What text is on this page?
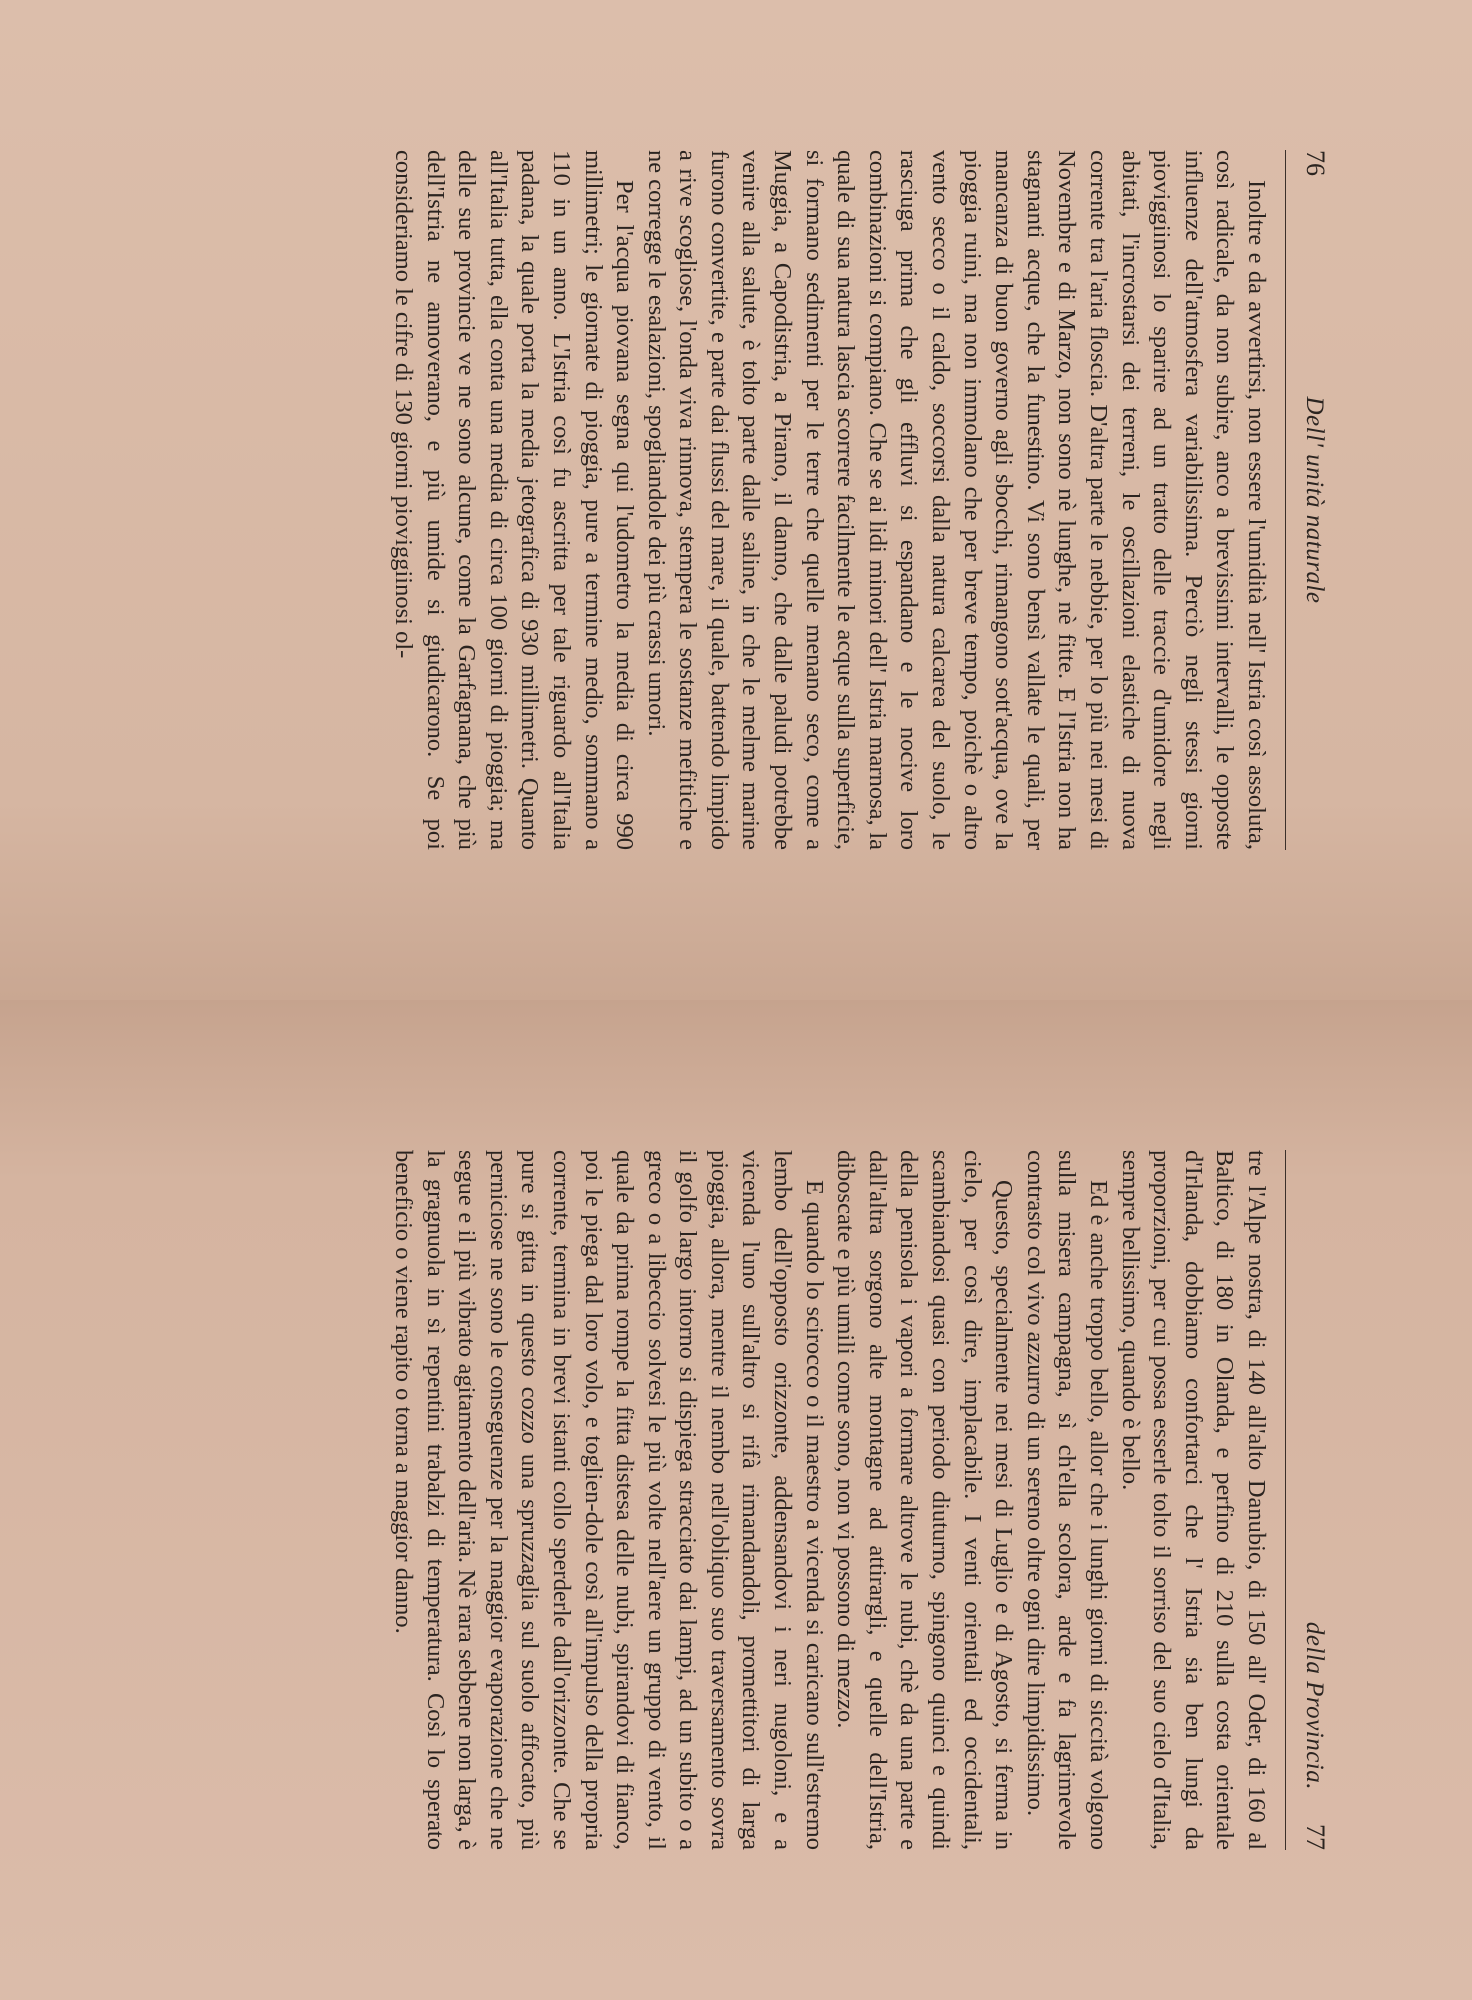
76
Dell' unità naturale

Inoltre e da avvertirsi, non essere l'umidità nell' Istria così assoluta, così radicale, da non subire, anco a brevissimi intervalli, le opposte influenze dell'atmosfera variabilissima. Perciò negli stessi giorni pioviggiinosi lo sparire ad un tratto delle traccie d'umidore negli abitati, l'incrostarsi dei terreni, le oscillazioni elastiche di nuova corrente tra l'aria floscia. D'altra parte le nebbie, per lo più nei mesi di Novembre e di Marzo, non sono nè lunghe, nè fitte. E l'Istria non ha stagnanti acque, che la funestino. Vi sono bensì vallate le quali, per mancanza di buon governo agli sbocchi, rimangono sott'acqua, ove la pioggia ruini, ma non immolano che per breve tempo, poichè o altro vento secco o il caldo, soccorsi dalla natura calcarea del suolo, le rasciuga prima che gli effluvi si espandano e le nocive loro combinazioni si compiano. Che se ai lidi minori dell' Istria marnosa, la quale di sua natura lascia scorrere facilmente le acque sulla superficie, si formano sedimenti per le terre che quelle menano seco, come a Muggia, a Capodistria, a Pirano, il danno, che dalle paludi potrebbe venire alla salute, è tolto parte dalle saline, in che le melme marine furono convertite, e parte dai flussi del mare, il quale, battendo limpido a rive scogliose, l'onda viva rinnova, stempera le sostanze mefitiche e ne corregge le esalazioni, spogliandole dei più crassi umori.

Per l'acqua piovana segna qui l'udometro la media di circa 990 millimetri; le giornate di pioggia, pure a termine medio, sommano a 110 in un anno. L'Istria così fu ascritta per tale riguardo all'Italia padana, la quale porta la media jetografica di 930 millimetri. Quanto all'Italia tutta, ella conta una media di circa 100 giorni di pioggia; ma delle sue provincie ve ne sono alcune, come la Garfagnana, che più dell'Istria ne annoverano, e più umide si giudicarono. Se poi consideriamo le cifre di 130 giorni pioviggiinosi ol-

della Provincia.
77

tre l'Alpe nostra, di 140 all'alto Danubio, di 150 all' Oder, di 160 al Baltico, di 180 in Olanda, e perfino di 210 sulla costa orientale d'Irlanda, dobbiamo confortarci che l' Istria sia ben lungi da proporzioni, per cui possa esserle tolto il sorriso del suo cielo d'Italia, sempre bellissimo, quando è bello.

Ed è anche troppo bello, allor che i lunghi giorni di siccità volgono sulla misera campagna, sì ch'ella scolora, arde e fa lagrimevole contrasto col vivo azzurro di un sereno oltre ogni dire limpidissimo.

Questo, specialmente nei mesi di Luglio e di Agosto, si ferma in cielo, per così dire, implacabile. I venti orientali ed occidentali, scambiandosi quasi con periodo diuturno, spingono quinci e quindi della penisola i vapori a formare altrove le nubi, chè da una parte e dall'altra sorgono alte montagne ad attirargli, e quelle dell'Istria, diboscate e più umili come sono, non vi possono di mezzo.

E quando lo scirocco o il maestro a vicenda si caricano sull'estremo lembo dell'opposto orizzonte, addensandovi i neri nugoloni, e a vicenda l'uno sull'altro si rifà rimandandoli, promettitori di larga pioggia, allora, mentre il nembo nell'obliquo suo traversamento sovra il golfo largo intorno si dispiega stracciato dai lampi, ad un subito o a greco o a libeccio solvesi le più volte nell'aere un gruppo di vento, il quale da prima rompe la fitta distesa delle nubi, spirandovi di fianco, poi le piega dal loro volo, e toglien-dole così all'impulso della propria corrente, termina in brevi istanti collo sperderle dall'orizzonte. Che se pure si gitta in questo cozzo una spruzzaglia sul suolo affocato, più perniciose ne sono le conseguenze per la maggior evaporazione che ne segue e il più vibrato agitamento dell'aria. Nè rara sebbene non larga, è la gragnuola in sì repentini trabalzi di temperatura. Così lo sperato beneficio o viene rapito o torna a maggior danno.
